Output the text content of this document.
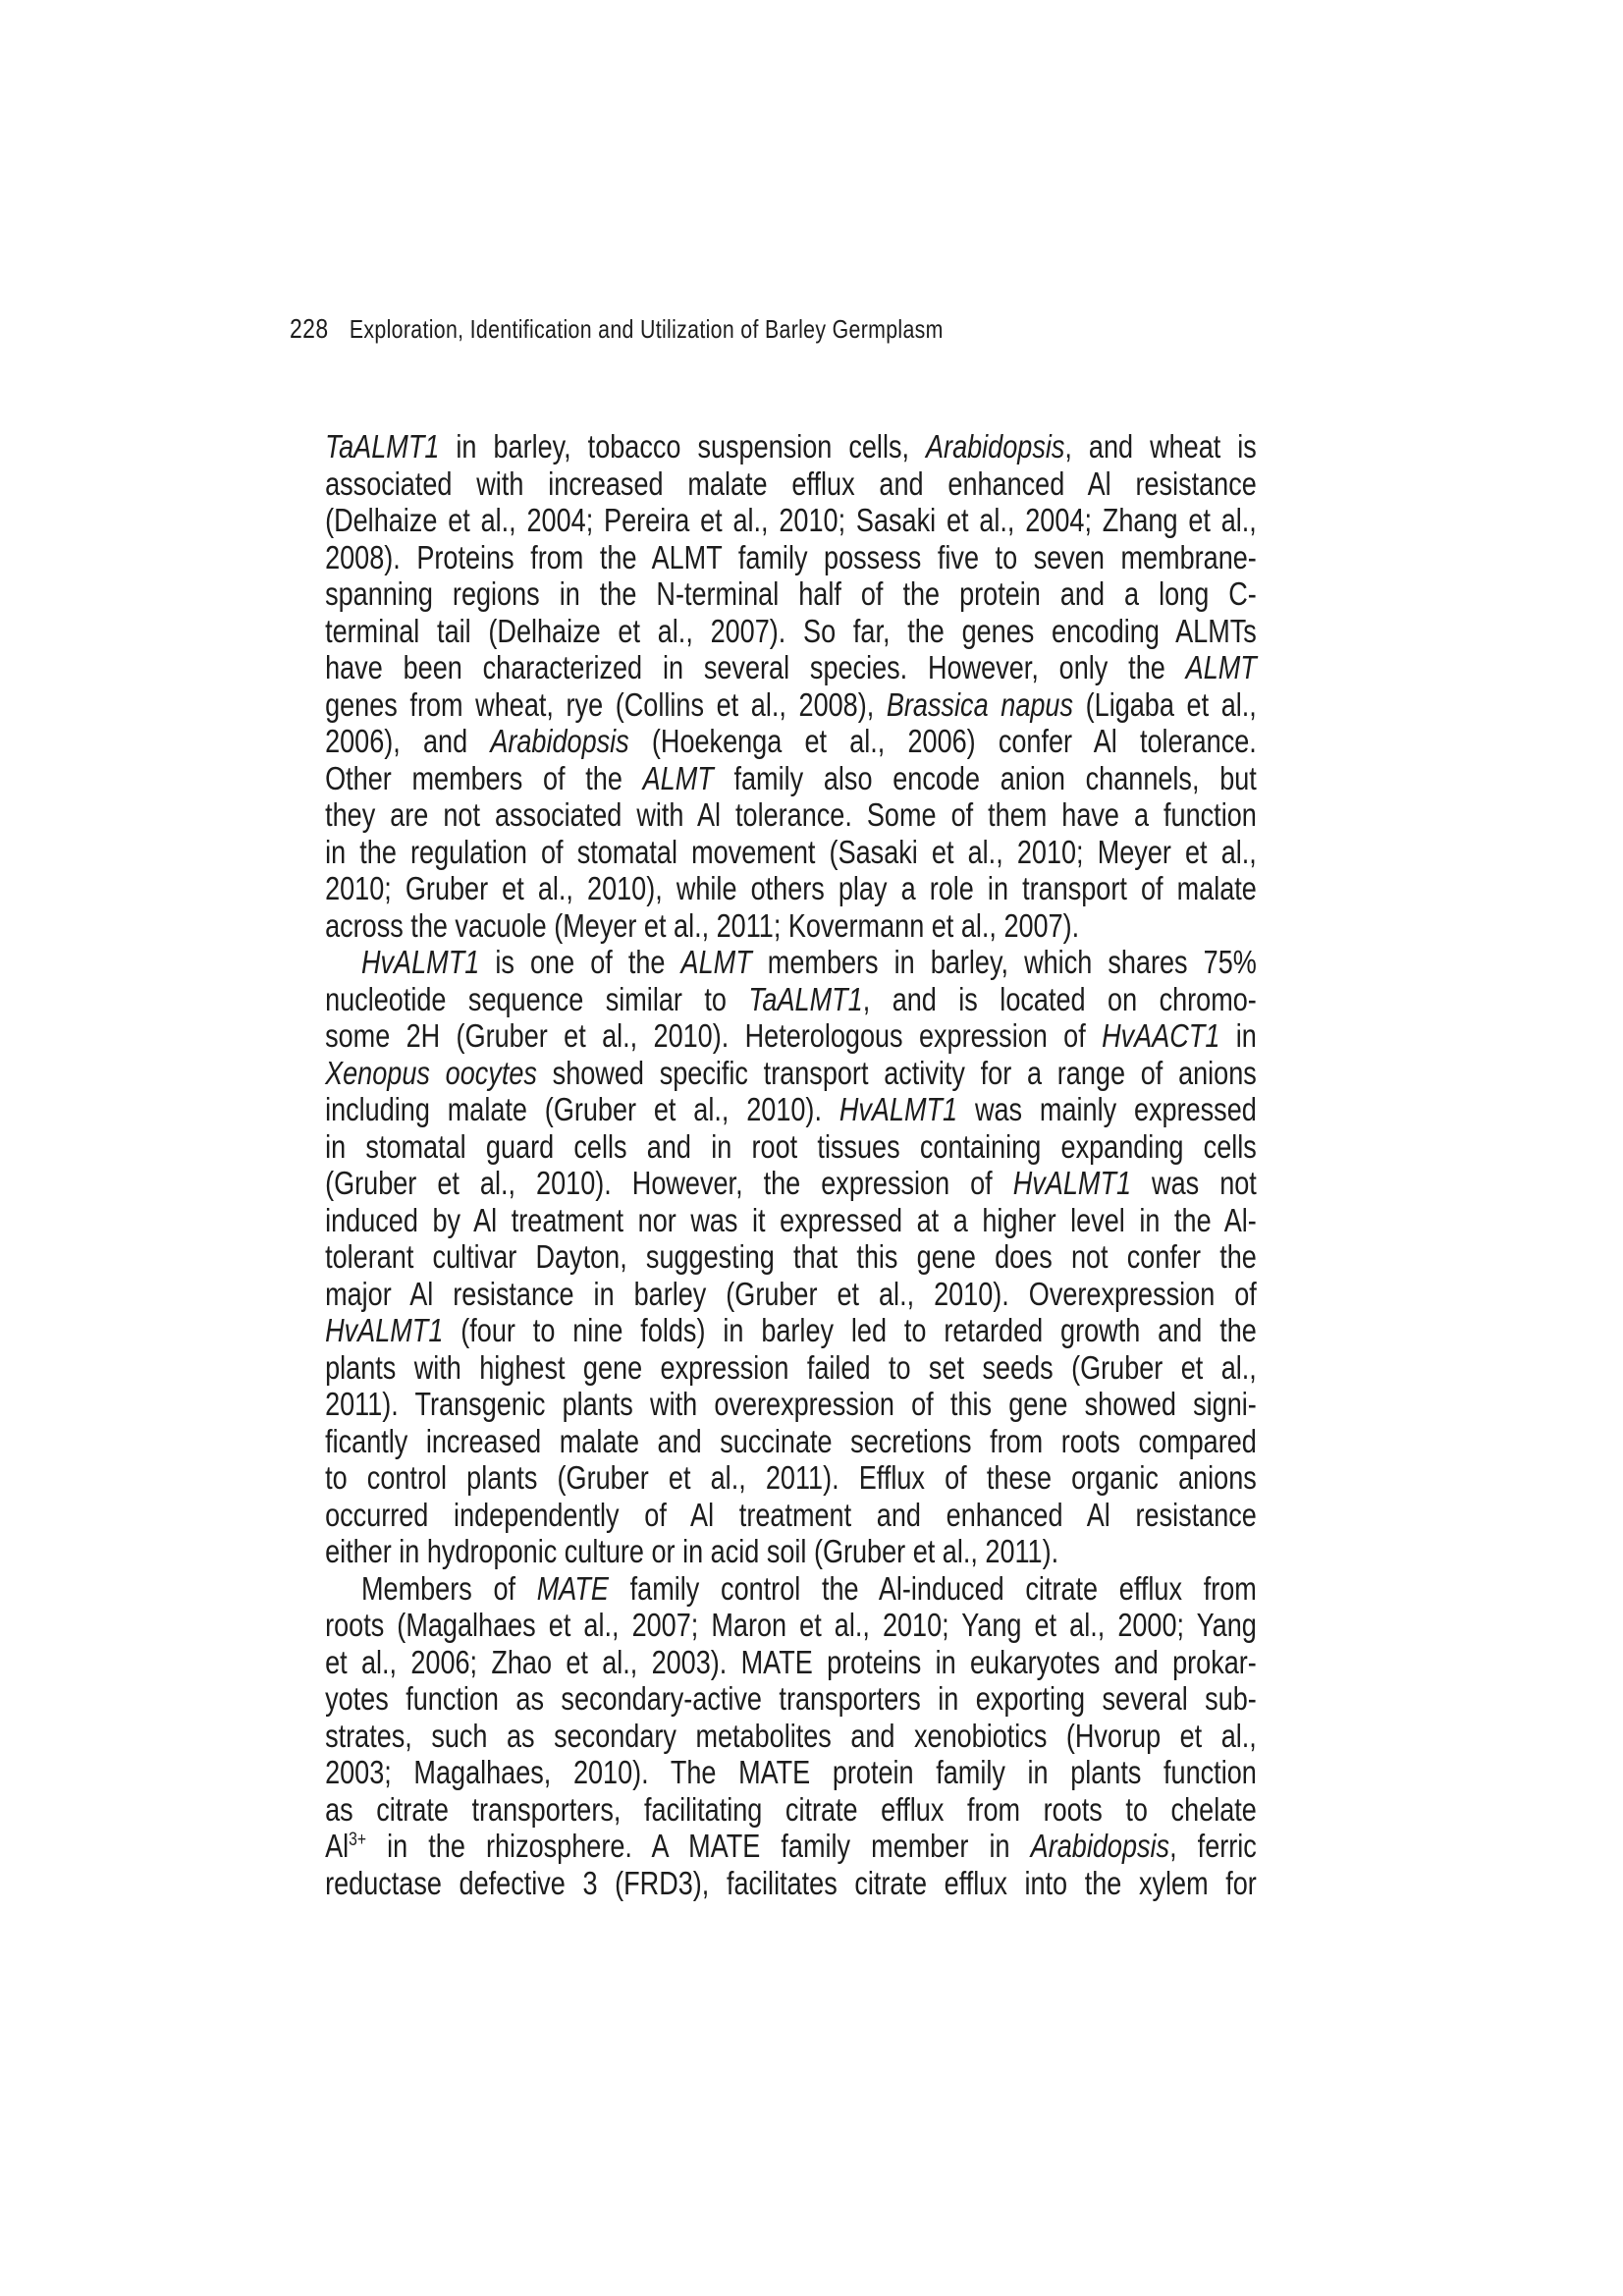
228 Exploration, Identification and Utilization of Barley Germplasm
TaALMT1 in barley, tobacco suspension cells, Arabidopsis, and wheat is
associated with increased malate efflux and enhanced Al resistance
(Delhaize et al., 2004; Pereira et al., 2010; Sasaki et al., 2004; Zhang et al.,
2008). Proteins from the ALMT family possess five to seven membrane-
spanning regions in the N-terminal half of the protein and a long C-
terminal tail (Delhaize et al., 2007). So far, the genes encoding ALMTs
have been characterized in several species. However, only the ALMT
genes from wheat, rye (Collins et al., 2008), Brassica napus (Ligaba et al.,
2006), and Arabidopsis (Hoekenga et al., 2006) confer Al tolerance.
Other members of the ALMT family also encode anion channels, but
they are not associated with Al tolerance. Some of them have a function
in the regulation of stomatal movement (Sasaki et al., 2010; Meyer et al.,
2010; Gruber et al., 2010), while others play a role in transport of malate
across the vacuole (Meyer et al., 2011; Kovermann et al., 2007).
HvALMT1 is one of the ALMT members in barley, which shares 75%
nucleotide sequence similar to TaALMT1, and is located on chromo-
some 2H (Gruber et al., 2010). Heterologous expression of HvAACT1 in
Xenopus oocytes showed specific transport activity for a range of anions
including malate (Gruber et al., 2010). HvALMT1 was mainly expressed
in stomatal guard cells and in root tissues containing expanding cells
(Gruber et al., 2010). However, the expression of HvALMT1 was not
induced by Al treatment nor was it expressed at a higher level in the Al-
tolerant cultivar Dayton, suggesting that this gene does not confer the
major Al resistance in barley (Gruber et al., 2010). Overexpression of
HvALMT1 (four to nine folds) in barley led to retarded growth and the
plants with highest gene expression failed to set seeds (Gruber et al.,
2011). Transgenic plants with overexpression of this gene showed signi-
ficantly increased malate and succinate secretions from roots compared
to control plants (Gruber et al., 2011). Efflux of these organic anions
occurred independently of Al treatment and enhanced Al resistance
either in hydroponic culture or in acid soil (Gruber et al., 2011).
Members of MATE family control the Al-induced citrate efflux from
roots (Magalhaes et al., 2007; Maron et al., 2010; Yang et al., 2000; Yang
et al., 2006; Zhao et al., 2003). MATE proteins in eukaryotes and prokar-
yotes function as secondary-active transporters in exporting several sub-
strates, such as secondary metabolites and xenobiotics (Hvorup et al.,
2003; Magalhaes, 2010). The MATE protein family in plants function
as citrate transporters, facilitating citrate efflux from roots to chelate
$Al^{3+}$ in the rhizosphere. A MATE family member in Arabidopsis, ferric
reductase defective 3 (FRD3), facilitates citrate efflux into the xylem for
